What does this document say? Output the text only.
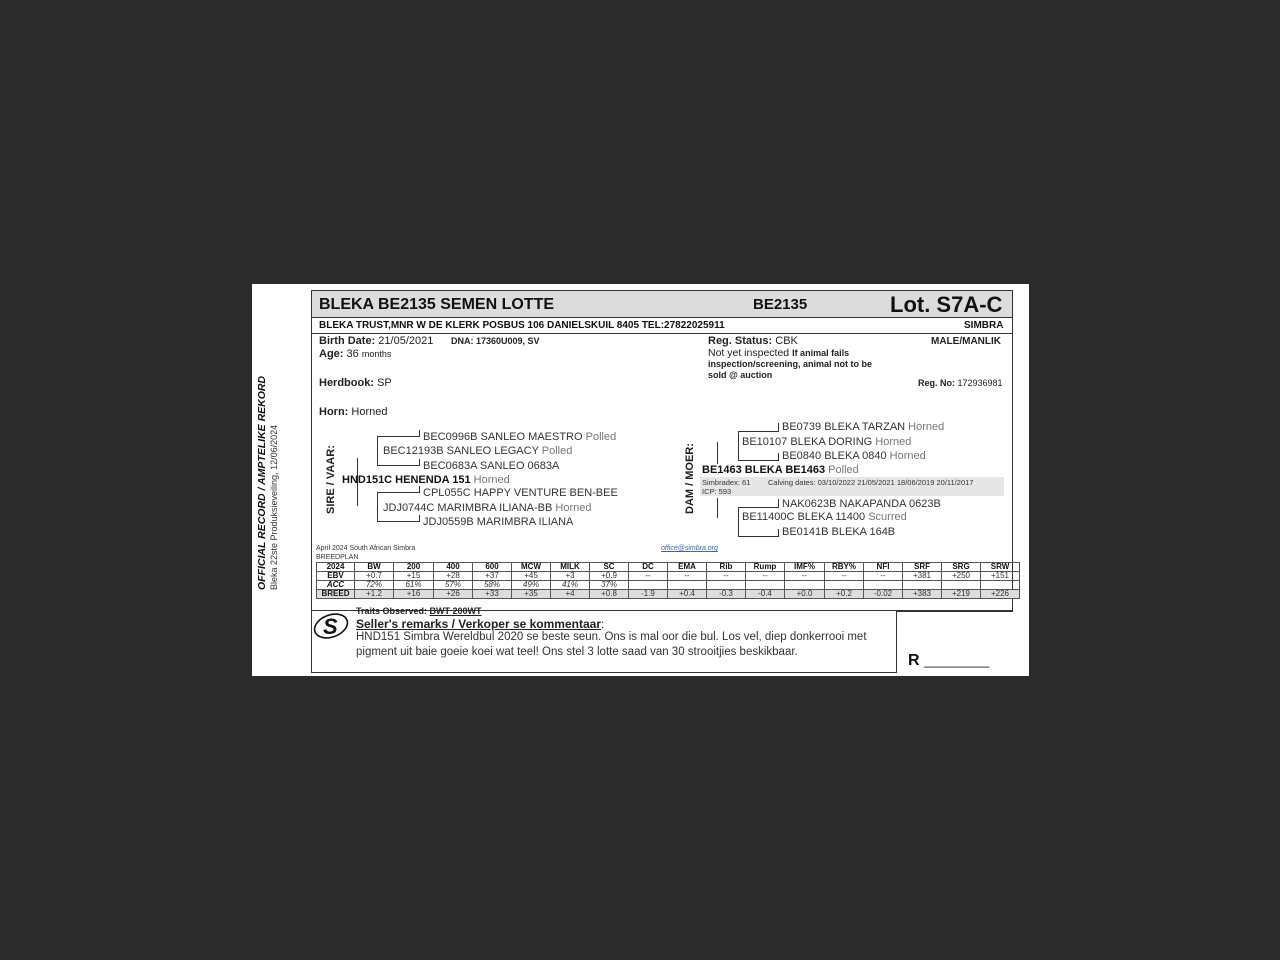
OFFICIAL RECORD / AMPTELIKE REKORD Bleka 22ste Produksieveiling, 12/06/2024
BLEKA BE2135 SEMEN LOTTE	BE2135	Lot. S7A-C
BLEKA TRUST,MNR W DE KLERK POSBUS 106 DANIELSKUIL 8405 TEL:27822025911	SIMBRA
Birth Date: 21/05/2021 DNA: 17360U009, SV
Age: 36 months
Herdbook: SP
Horn: Horned
Reg. Status: CBK
Not yet inspected If animal fails
inspection/screening, animal not to be
sold @ auction
MALE/MANLIK
Reg. No: 172936981
SIRE / VAAR:
BEC0996B SANLEO MAESTRO Polled
BEC12193B SANLEO LEGACY Polled
BEC0683A SANLEO 0683A
HND151C HENENDA 151 Horned
CPL055C HAPPY VENTURE BEN-BEE
JDJ0744C MARIMBRA ILIANA-BB Horned
JDJ0559B MARIMBRA ILIANA
DAM / MOER:
BE0739 BLEKA TARZAN Horned
BE10107 BLEKA DORING Horned
BE0840 BLEKA 0840 Horned
BE1463 BLEKA BE1463 Polled
Simbradex: 61 Calving dates: 03/10/2022 21/05/2021 18/06/2019 20/11/2017
ICP: 593
NAK0623B NAKAPANDA 0623B
BE11400C BLEKA 11400 Scurred
BE0141B BLEKA 164B
April 2024 South African Simbra
BREEDPLAN
office@simbra.org
2024	BW	200	400	600	MCW	MILK	SC	DC	EMA	Rib	Rump	IMF%	RBY%	NFI	SRF	SRG	SRW
EBV	+0.7	+15	+28	+37	+45	+3	+0.9	--	--	--	--	--	--	--	+381	+250	+151
ACC	72%	61%	57%	58%	49%	41%	37%										
BREED	+1.2	+16	+26	+33	+35	+4	+0.8	-1.9	+0.4	-0.3	-0.4	+0.0	+0.2	-0.02	+383	+219	+226
S
Traits Observed: BWT 200WT
Seller's remarks / Verkoper se kommentaar:
HND151 Simbra Wereldbul 2020 se beste seun. Ons is mal oor die bul. Los vel, diep donkerrooi met
pigment uit baie goeie koei wat teel! Ons stel 3 lotte saad van 30 strooitjies beskikbaar.	R _________
